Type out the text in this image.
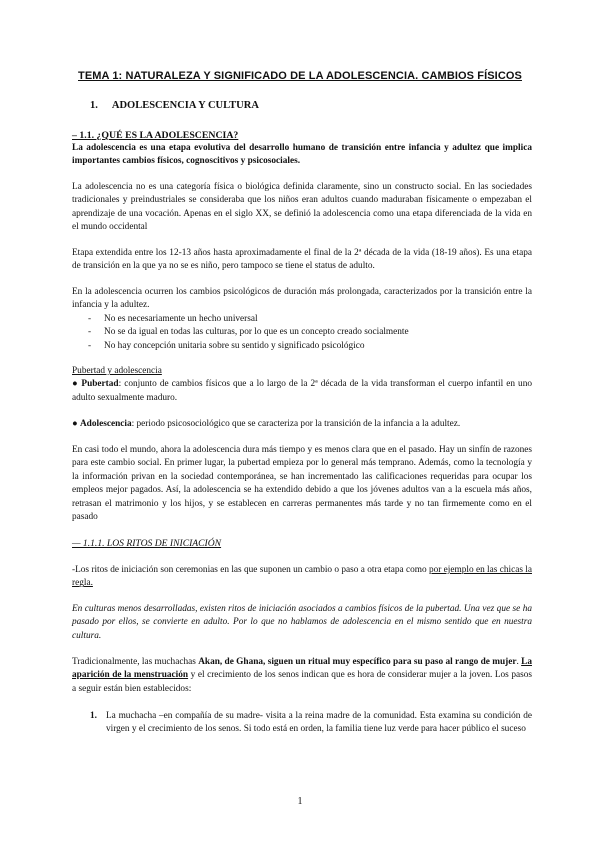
TEMA 1: NATURALEZA Y SIGNIFICADO DE LA ADOLESCENCIA. CAMBIOS FÍSICOS
1. ADOLESCENCIA Y CULTURA
– 1.1. ¿QUÉ ES LA ADOLESCENCIA?
La adolescencia es una etapa evolutiva del desarrollo humano de transición entre infancia y adultez que implica importantes cambios físicos, cognoscitivos y psicosociales.
La adolescencia no es una categoría física o biológica definida claramente, sino un constructo social. En las sociedades tradicionales y preindustriales se consideraba que los niños eran adultos cuando maduraban físicamente o empezaban el aprendizaje de una vocación. Apenas en el siglo XX, se definió la adolescencia como una etapa diferenciada de la vida en el mundo occidental
Etapa extendida entre los 12-13 años hasta aproximadamente el final de la 2ª década de la vida (18-19 años). Es una etapa de transición en la que ya no se es niño, pero tampoco se tiene el status de adulto.

En la adolescencia ocurren los cambios psicológicos de duración más prolongada, caracterizados por la transición entre la infancia y la adultez.

- No es necesariamente un hecho universal
- No se da igual en todas las culturas, por lo que es un concepto creado socialmente
- No hay concepción unitaria sobre su sentido y significado psicológico
Pubertad y adolescencia
● Pubertad: conjunto de cambios físicos que a lo largo de la 2ª década de la vida transforman el cuerpo infantil en uno adulto sexualmente maduro.
● Adolescencia: periodo psicosociológico que se caracteriza por la transición de la infancia a la adultez.
En casi todo el mundo, ahora la adolescencia dura más tiempo y es menos clara que en el pasado. Hay un sinfín de razones para este cambio social. En primer lugar, la pubertad empieza por lo general más temprano. Además, como la tecnología y la información privan en la sociedad contemporánea, se han incrementado las calificaciones requeridas para ocupar los empleos mejor pagados. Así, la adolescencia se ha extendido debido a que los jóvenes adultos van a la escuela más años, retrasan el matrimonio y los hijos, y se establecen en carreras permanentes más tarde y no tan firmemente como en el pasado
— 1.1.1. LOS RITOS DE INICIACIÓN
-Los ritos de iniciación son ceremonias en las que suponen un cambio o paso a otra etapa como por ejemplo en las chicas la regla.
En culturas menos desarrolladas, existen ritos de iniciación asociados a cambios físicos de la pubertad. Una vez que se ha pasado por ellos, se convierte en adulto. Por lo que no hablamos de adolescencia en el mismo sentido que en nuestra cultura.
Tradicionalmente, las muchachas Akan, de Ghana, siguen un ritual muy específico para su paso al rango de mujer. La aparición de la menstruación y el crecimiento de los senos indican que es hora de considerar mujer a la joven. Los pasos a seguir están bien establecidos:
1. La muchacha –en compañía de su madre- visita a la reina madre de la comunidad. Esta examina su condición de virgen y el crecimiento de los senos. Si todo está en orden, la familia tiene luz verde para hacer público el suceso
1
